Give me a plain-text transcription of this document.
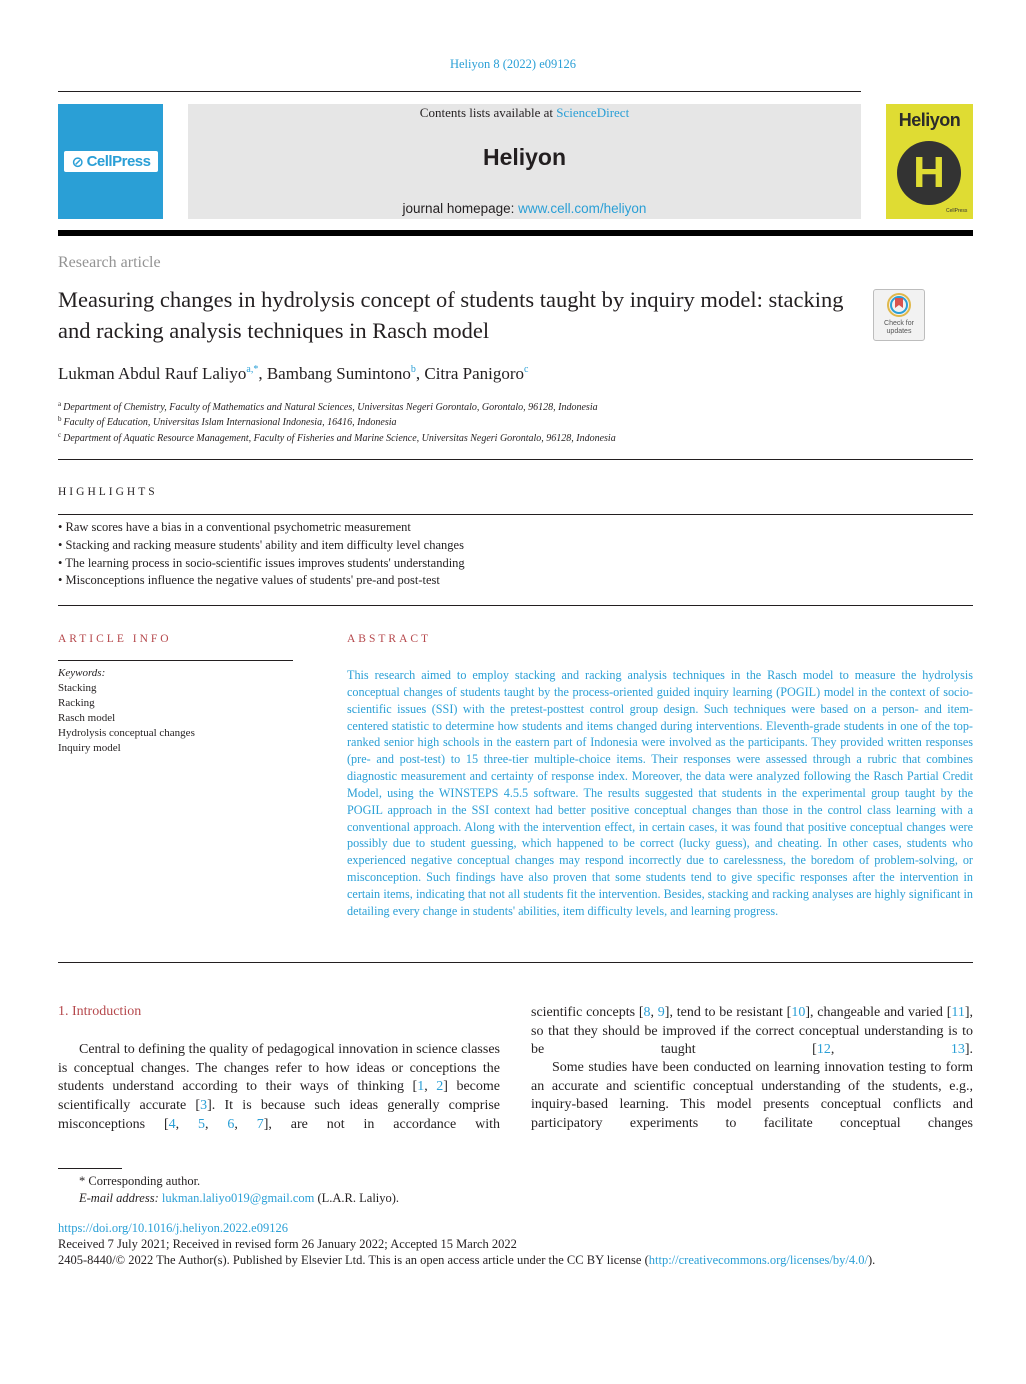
Heliyon 8 (2022) e09126
⊘ CellPress
Contents lists available at ScienceDirect
Heliyon
journal homepage: www.cell.com/heliyon
Heliyon
H
CellPress
Research article
Measuring changes in hydrolysis concept of students taught by inquiry model: stacking and racking analysis techniques in Rasch model	Check for updates
Lukman Abdul Rauf Laliyo$^{a,*}$, Bambang Sumintono$^b$, Citra Panigoro$^c$
$^a$ Department of Chemistry, Faculty of Mathematics and Natural Sciences, Universitas Negeri Gorontalo, Gorontalo, 96128, Indonesia
$^b$ Faculty of Education, Universitas Islam Internasional Indonesia, 16416, Indonesia
$^c$ Department of Aquatic Resource Management, Faculty of Fisheries and Marine Science, Universitas Negeri Gorontalo, 96128, Indonesia
HIGHLIGHTS
• Raw scores have a bias in a conventional psychometric measurement
• Stacking and racking measure students' ability and item difficulty level changes
• The learning process in socio-scientific issues improves students' understanding
• Misconceptions influence the negative values of students' pre-and post-test
ARTICLE INFO
Keywords:
Stacking
Racking
Rasch model
Hydrolysis conceptual changes
Inquiry model
ABSTRACT
This research aimed to employ stacking and racking analysis techniques in the Rasch model to measure the hydrolysis conceptual changes of students taught by the process-oriented guided inquiry learning (POGIL) model in the context of socio-scientific issues (SSI) with the pretest-posttest control group design. Such techniques were based on a person- and item-centered statistic to determine how students and items changed during interventions. Eleventh-grade students in one of the top-ranked senior high schools in the eastern part of Indonesia were involved as the participants. They provided written responses (pre- and post-test) to 15 three-tier multiple-choice items. Their responses were assessed through a rubric that combines diagnostic measurement and certainty of response index. Moreover, the data were analyzed following the Rasch Partial Credit Model, using the WINSTEPS 4.5.5 software. The results suggested that students in the experimental group taught by the POGIL approach in the SSI context had better positive conceptual changes than those in the control class learning with a conventional approach. Along with the intervention effect, in certain cases, it was found that positive conceptual changes were possibly due to student guessing, which happened to be correct (lucky guess), and cheating. In other cases, students who experienced negative conceptual changes may respond incorrectly due to carelessness, the boredom of problem-solving, or misconception. Such findings have also proven that some students tend to give specific responses after the intervention in certain items, indicating that not all students fit the intervention. Besides, stacking and racking analyses are highly significant in detailing every change in students' abilities, item difficulty levels, and learning progress.
1. Introduction
Central to defining the quality of pedagogical innovation in science classes is conceptual changes. The changes refer to how ideas or conceptions the students understand according to their ways of thinking [1, 2] become scientifically accurate [3]. It is because such ideas generally comprise misconceptions [4, 5, 6, 7], are not in accordance with
scientific concepts [8, 9], tend to be resistant [10], changeable and varied [11], so that they should be improved if the correct conceptual understanding is to be taught [12, 13].
Some studies have been conducted on learning innovation testing to form an accurate and scientific conceptual understanding of the students, e.g., inquiry-based learning. This model presents conceptual conflicts and participatory experiments to facilitate conceptual changes
* Corresponding author.
E-mail address: lukman.laliyo019@gmail.com (L.A.R. Laliyo).
https://doi.org/10.1016/j.heliyon.2022.e09126
Received 7 July 2021; Received in revised form 26 January 2022; Accepted 15 March 2022
2405-8440/© 2022 The Author(s). Published by Elsevier Ltd. This is an open access article under the CC BY license (http://creativecommons.org/licenses/by/4.0/).
